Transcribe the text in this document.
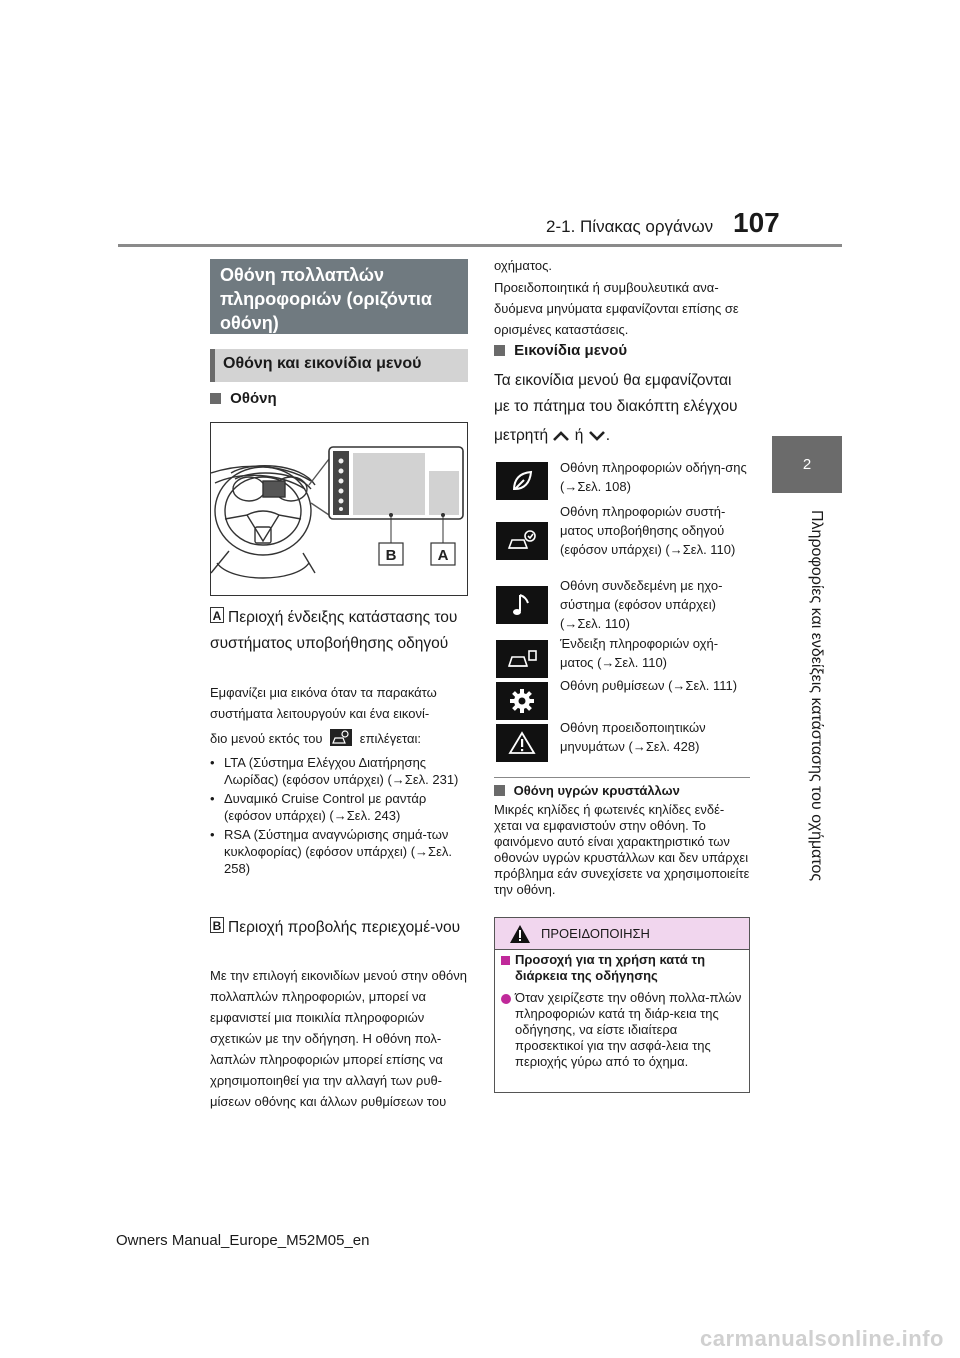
2-1. Πίνακας οργάνων 107
2
Πληροφορίες και ενδείξεις κατάστασης του οχήματος
Οθόνη πολλαπλών πληροφοριών (οριζόντια οθόνη)
Οθόνη και εικονίδια μενού
Οθόνη
B	A
A Περιοχή ένδειξης κατάστασης του συστήματος υποβοήθησης οδηγού
Εμφανίζει μια εικόνα όταν τα παρακάτω συστήματα λειτουργούν και ένα εικονί-
διο μενού εκτός του	επιλέγεται:
• LTA (Σύστημα Ελέγχου Διατήρησης Λωρίδας) (εφόσον υπάρχει) (→Σελ. 231)
• Δυναμικό Cruise Control με ραντάρ (εφόσον υπάρχει) (→Σελ. 243)
• RSA (Σύστημα αναγνώρισης σημά-των κυκλοφορίας) (εφόσον υπάρχει) (→Σελ. 258)
B Περιοχή προβολής περιεχομέ-νου
Με την επιλογή εικονιδίων μενού στην οθόνη πολλαπλών πληροφοριών, μπορεί να εμφανιστεί μια ποικιλία πληροφοριών σχετικών με την οδήγηση. Η οθόνη πολ-λαπλών πληροφοριών μπορεί επίσης να χρησιμοποιηθεί για την αλλαγή των ρυθ-μίσεων οθόνης και άλλων ρυθμίσεων του
οχήματος.
Προειδοποιητικά ή συμβουλευτικά ανα-δυόμενα μηνύματα εμφανίζονται επίσης σε ορισμένες καταστάσεις.
Εικονίδια μενού
Τα εικονίδια μενού θα εμφανίζονται με το πάτημα του διακόπτη ελέγχου
μετρητή ή .
Οθόνη πληροφοριών οδήγη-σης (→Σελ. 108)
Οθόνη πληροφοριών συστή-ματος υποβοήθησης οδηγού (εφόσον υπάρχει) (→Σελ. 110)
Οθόνη συνδεδεμένη με ηχο-σύστημα (εφόσον υπάρχει) (→Σελ. 110)
Ένδειξη πληροφοριών οχή-ματος (→Σελ. 110)
Οθόνη ρυθμίσεων (→Σελ. 111)
Οθόνη προειδοποιητικών μηνυμάτων (→Σελ. 428)
Οθόνη υγρών κρυστάλλων
Μικρές κηλίδες ή φωτεινές κηλίδες ενδέ-χεται να εμφανιστούν στην οθόνη. Το φαινόμενο αυτό είναι χαρακτηριστικό των οθονών υγρών κρυστάλλων και δεν υπάρχει πρόβλημα εάν συνεχίσετε να χρησιμοποιείτε την οθόνη.
ΠΡΟΕΙΔΟΠΟΙΗΣΗ
Προσοχή για τη χρήση κατά τη διάρκεια της οδήγησης
Όταν χειρίζεστε την οθόνη πολλα-πλών πληροφοριών κατά τη διάρ-κεια της οδήγησης, να είστε ιδιαίτερα προσεκτικοί για την ασφά-λεια της περιοχής γύρω από το όχημα.
Owners Manual_Europe_M52M05_en
carmanualsonline.info
